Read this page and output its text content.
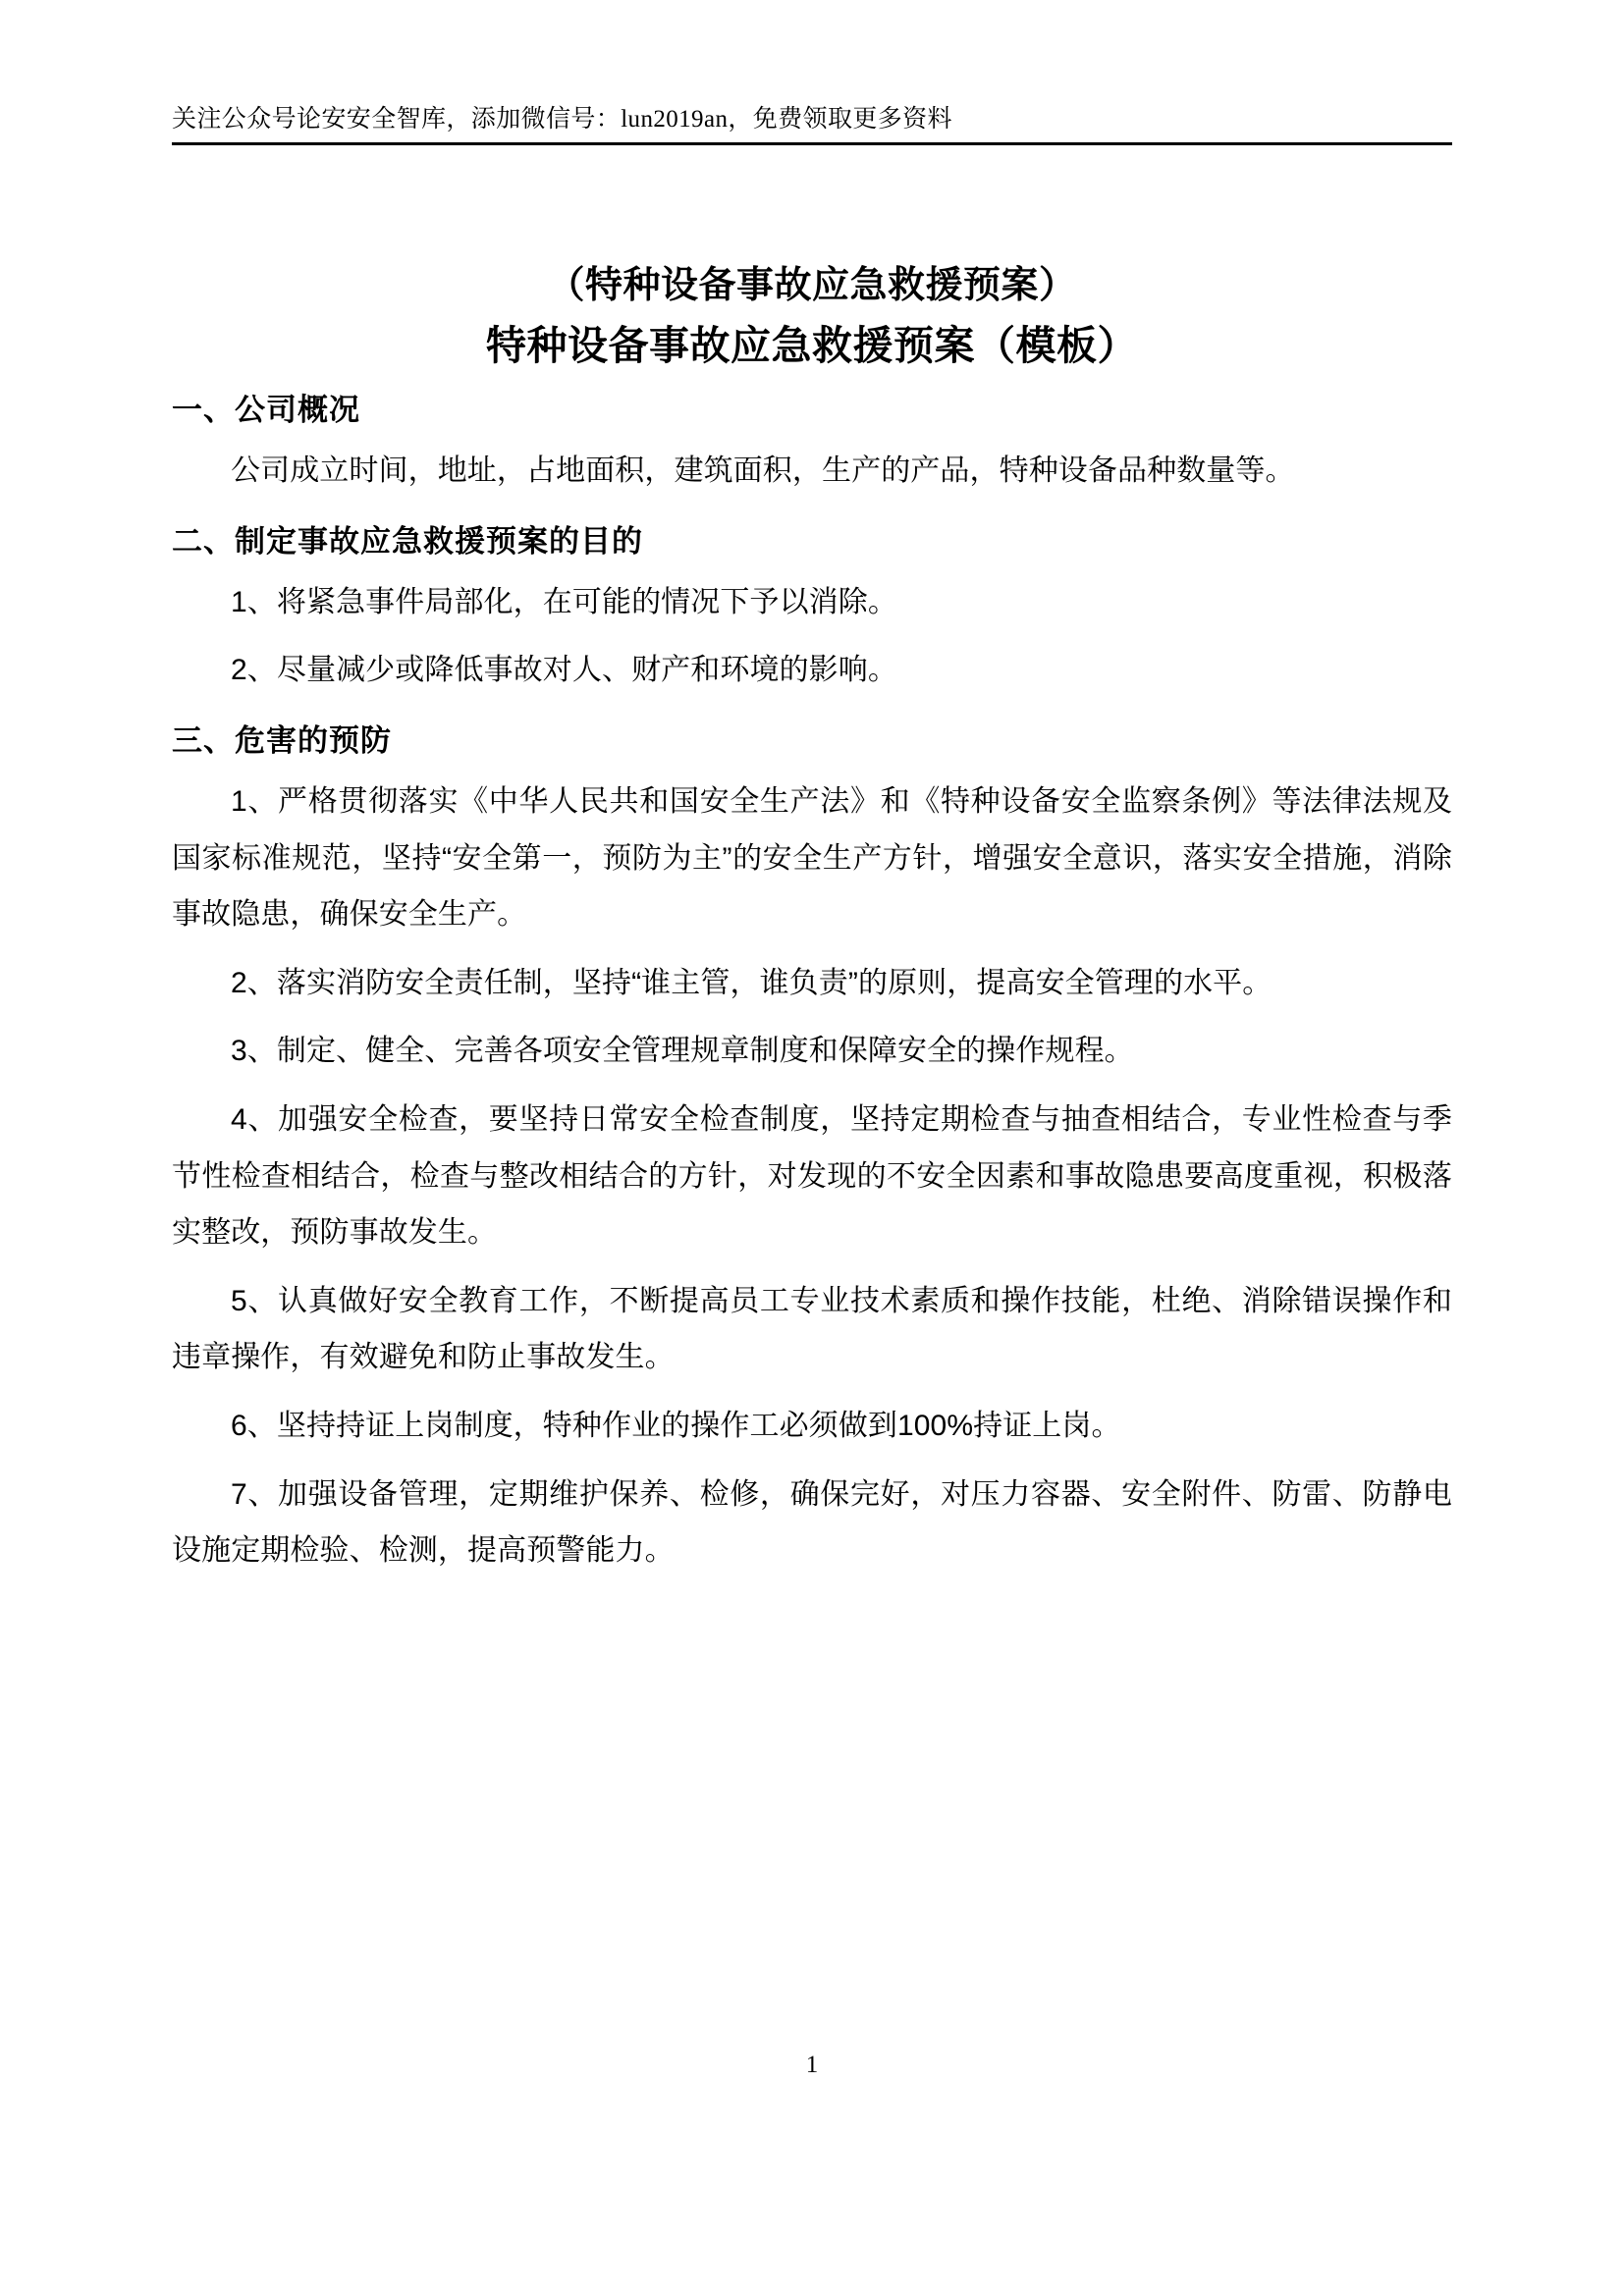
关注公众号论安安全智库，添加微信号：lun2019an，免费领取更多资料
（特种设备事故应急救援预案）
特种设备事故应急救援预案（模板）
一、公司概况

公司成立时间，地址，占地面积，建筑面积，生产的产品，特种设备品种数量等。

二、制定事故应急救援预案的目的

1、将紧急事件局部化，在可能的情况下予以消除。

2、尽量减少或降低事故对人、财产和环境的影响。

三、危害的预防

1、严格贯彻落实《中华人民共和国安全生产法》和《特种设备安全监察条例》等法律法规及国家标准规范，坚持“安全第一，预防为主”的安全生产方针，增强安全意识，落实安全措施，消除事故隐患，确保安全生产。

2、落实消防安全责任制，坚持“谁主管，谁负责”的原则，提高安全管理的水平。

3、制定、健全、完善各项安全管理规章制度和保障安全的操作规程。

4、加强安全检查，要坚持日常安全检查制度，坚持定期检查与抽查相结合，专业性检查与季节性检查相结合，检查与整改相结合的方针，对发现的不安全因素和事故隐患要高度重视，积极落实整改，预防事故发生。

5、认真做好安全教育工作，不断提高员工专业技术素质和操作技能，杜绝、消除错误操作和违章操作，有效避免和防止事故发生。

6、坚持持证上岗制度，特种作业的操作工必须做到100%持证上岗。

7、加强设备管理，定期维护保养、检修，确保完好，对压力容器、安全附件、防雷、防静电设施定期检验、检测，提高预警能力。

1
